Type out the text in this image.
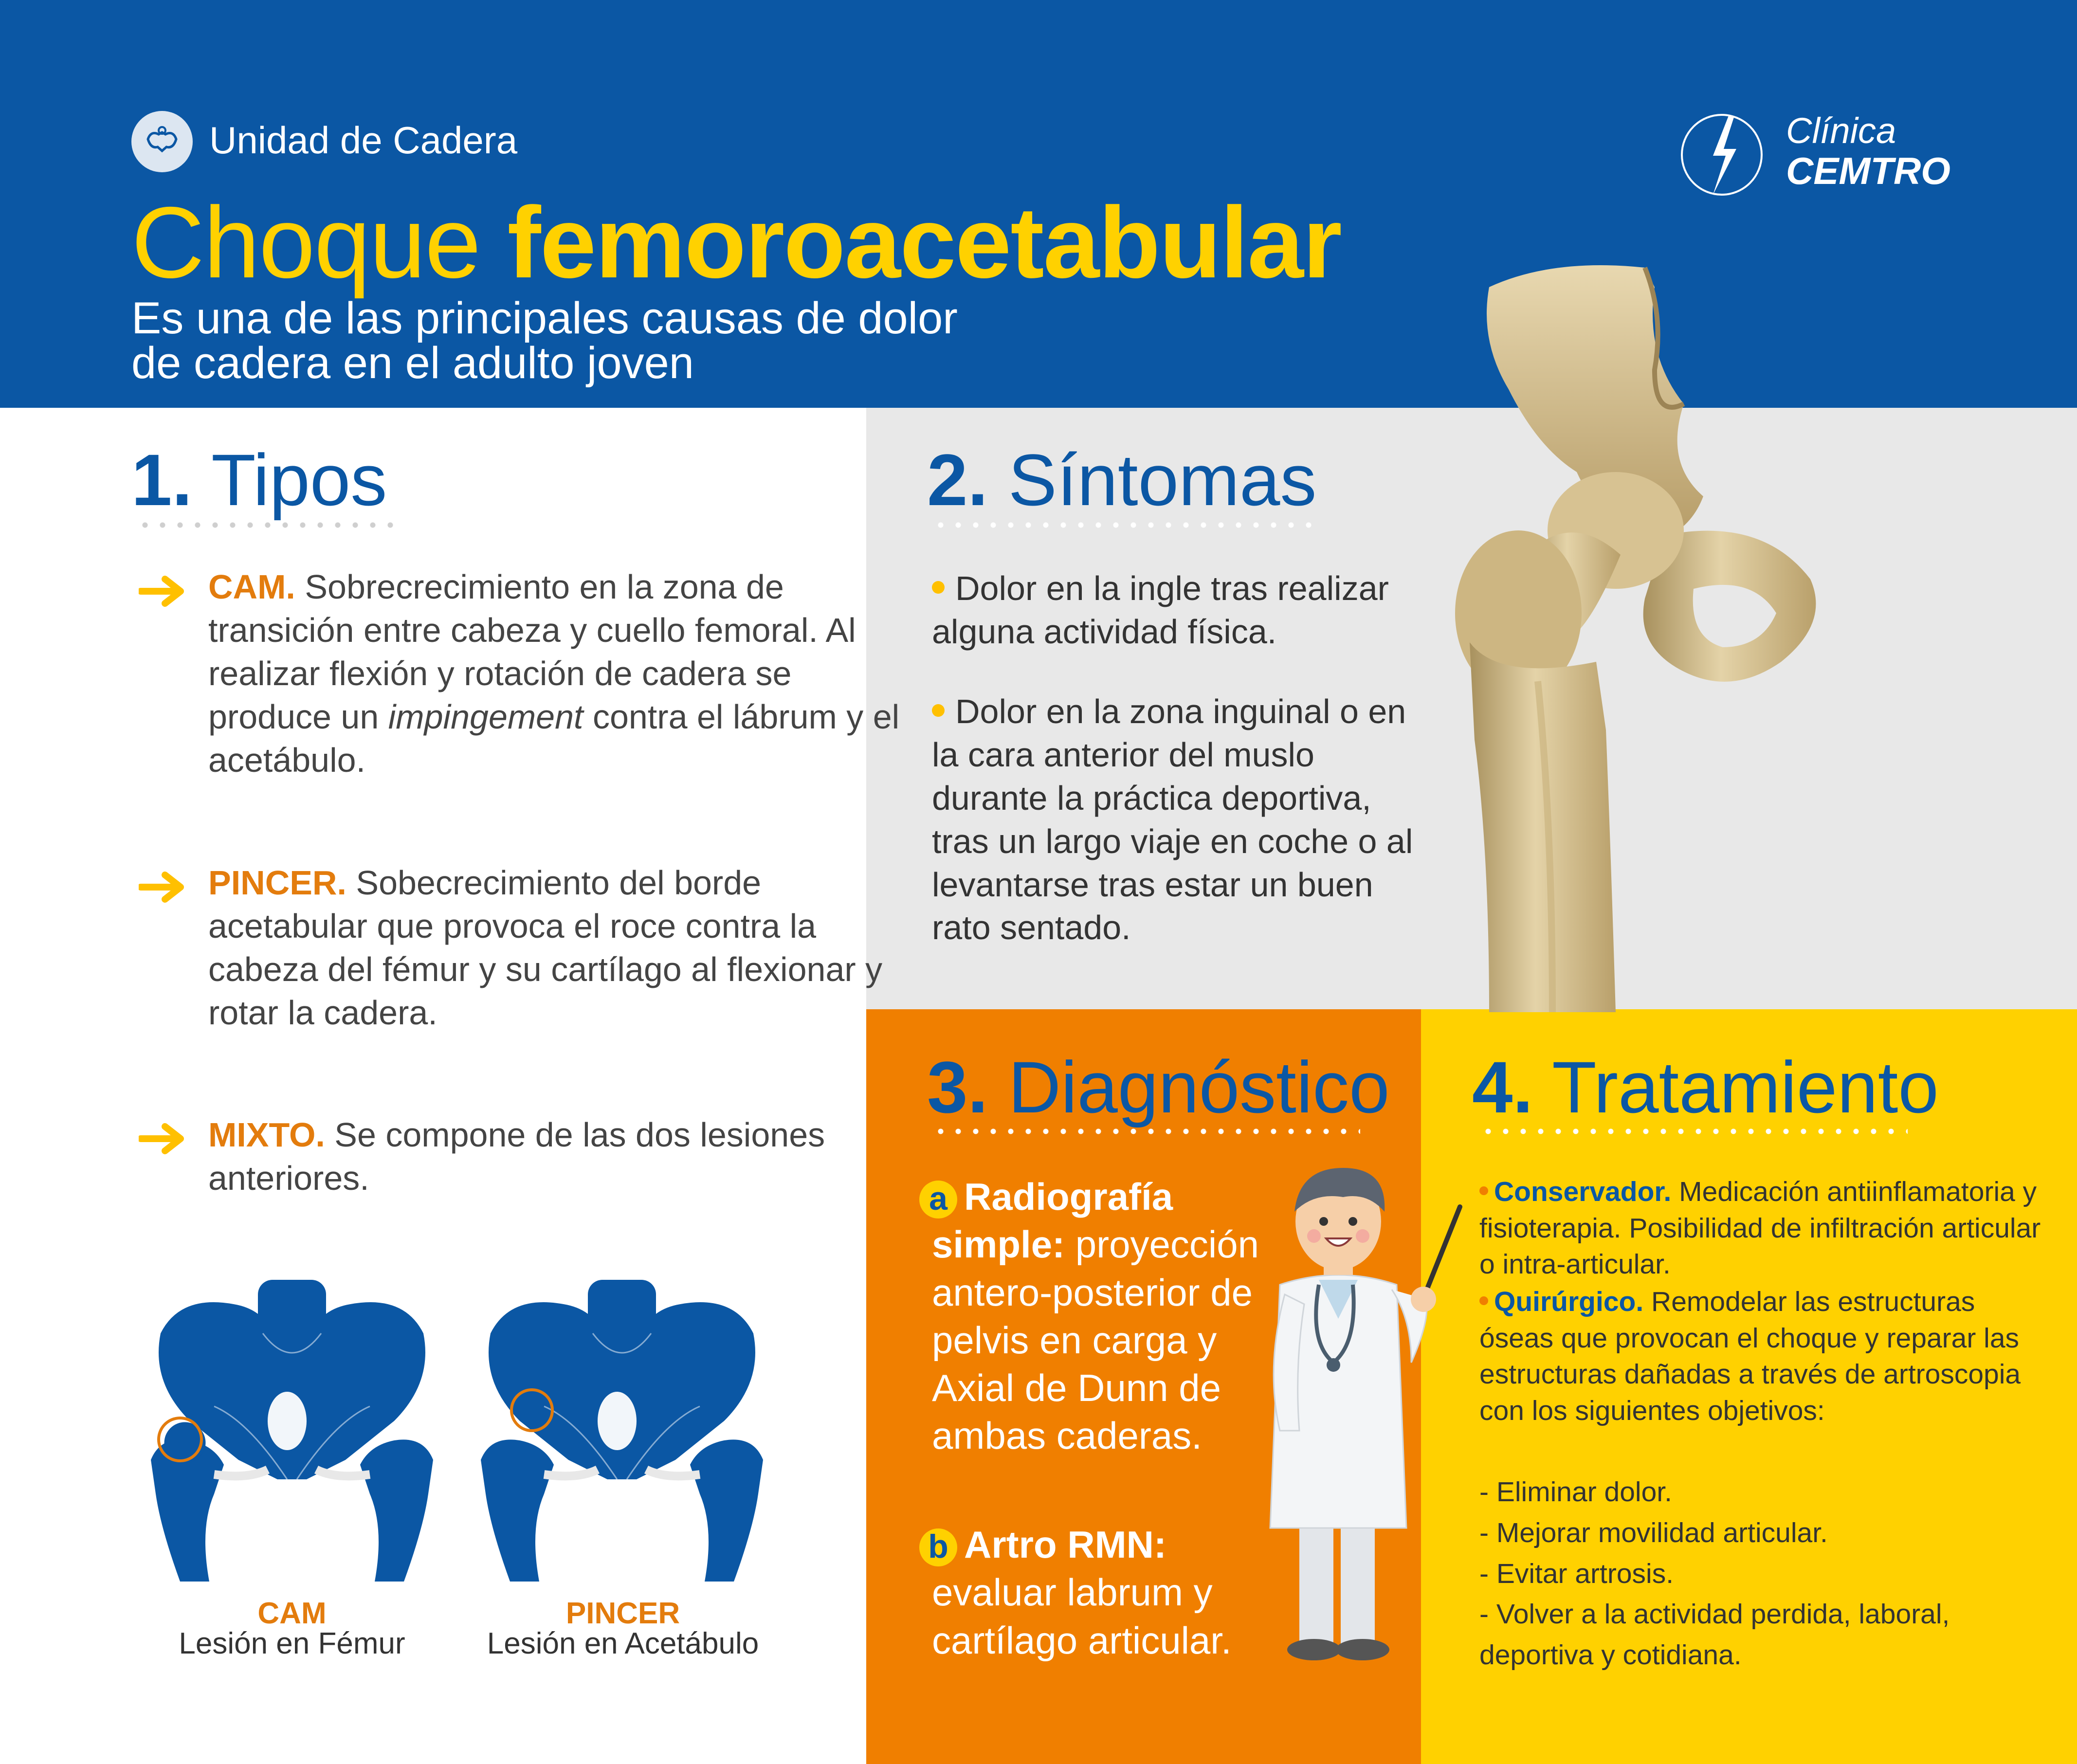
Unidad de Cadera
Choque femoroacetabular
Es una de las principales causas de dolor
de cadera en el adulto joven
Clínica
CEMTRO
1. Tipos
CAM. Sobrecrecimiento en la zona de transición entre cabeza y cuello femoral. Al realizar flexión y rotación de cadera se produce un impingement contra el lábrum y el acetábulo.
PINCER. Sobecrecimiento del borde acetabular que provoca el roce contra la cabeza del fémur y su cartílago al flexionar y rotar la cadera.
MIXTO. Se compone de las dos lesiones anteriores.
CAM
Lesión en Fémur
PINCER
Lesión en Acetábulo
2. Síntomas
Dolor en la ingle tras realizar alguna actividad física.
Dolor en la zona inguinal o en la cara anterior del muslo durante la práctica deportiva, tras un largo viaje en coche o al levantarse tras estar un buen rato sentado.
3. Diagnóstico
a Radiografía simple: proyección antero-posterior de pelvis en carga y Axial de Dunn de ambas caderas.
b Artro RMN: evaluar labrum y cartílago articular.
4. Tratamiento
Conservador. Medicación antiinflamatoria y fisioterapia. Posibilidad de infiltración articular o intra-articular.
Quirúrgico. Remodelar las estructuras óseas que provocan el choque y reparar las estructuras dañadas a través de artroscopia con los siguientes objetivos:
- Eliminar dolor.
- Mejorar movilidad articular.
- Evitar artrosis.
- Volver a la actividad perdida, laboral, deportiva y cotidiana.
